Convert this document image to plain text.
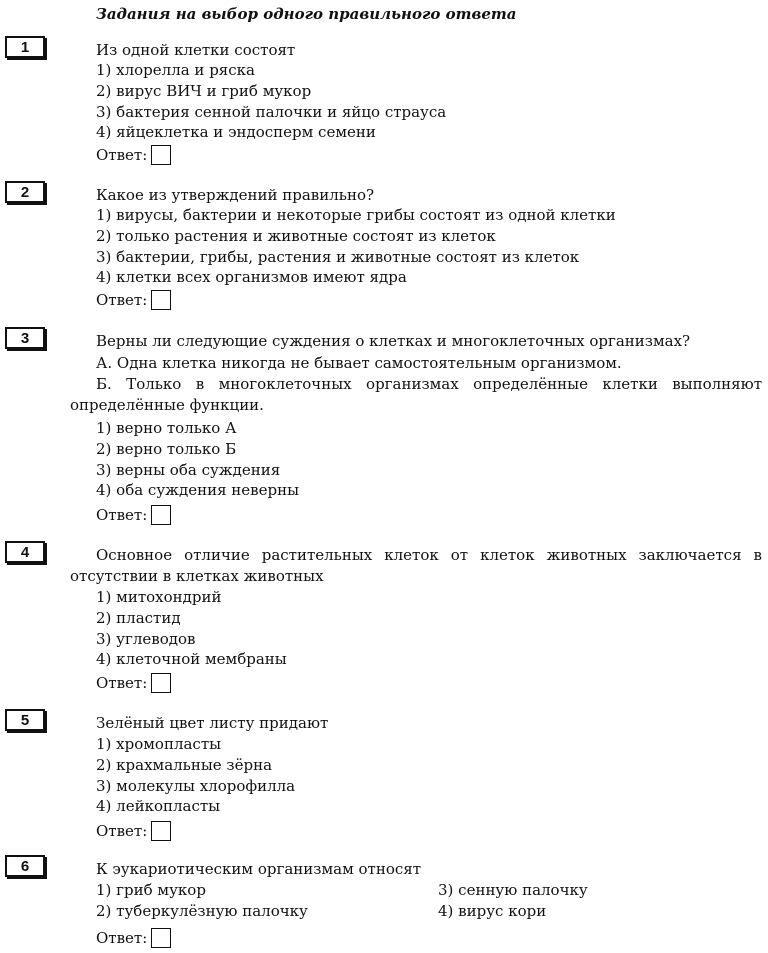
Задания на выбор одного правильного ответа
1	Из одной клетки состоят
1) хлорелла и ряска
2) вирус ВИЧ и гриб мукор
3) бактерия сенной палочки и яйцо страуса
4) яйцеклетка и эндосперм семени
Ответ:
2	Какое из утверждений правильно?
1) вирусы, бактерии и некоторые грибы состоят из одной клетки
2) только растения и животные состоят из клеток
3) бактерии, грибы, растения и животные состоят из клеток
4) клетки всех организмов имеют ядра
Ответ:
3	Верны ли следующие суждения о клетках и многоклеточных организмах?
А. Одна клетка никогда не бывает самостоятельным организмом.
Б. Только в многоклеточных организмах определённые клетки выполняют определённые функции.
1) верно только А
2) верно только Б
3) верны оба суждения
4) оба суждения неверны
Ответ:
4	Основное отличие растительных клеток от клеток животных заключается в отсутствии в клетках животных
1) митохондрий
2) пластид
3) углеводов
4) клеточной мембраны
Ответ:
5	Зелёный цвет листу придают
1) хромопласты
2) крахмальные зёрна
3) молекулы хлорофилла
4) лейкопласты
Ответ:
6	К эукариотическим организмам относят
1) гриб мукор
2) туберкулёзную палочку
3) сенную палочку
4) вирус кори
Ответ:
